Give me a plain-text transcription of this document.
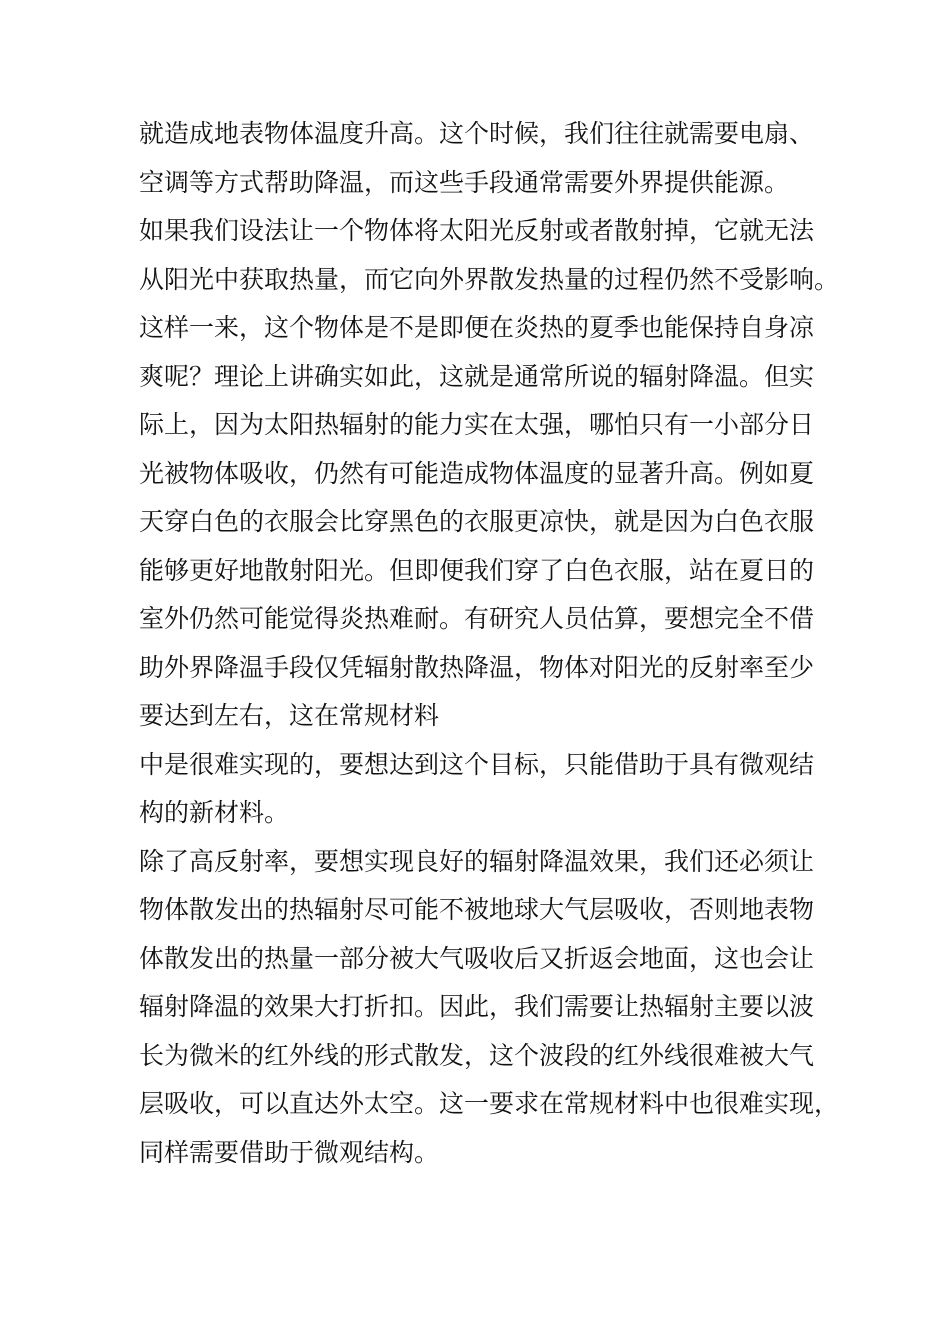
就造成地表物体温度升高。这个时候，我们往往就需要电扇、
空调等方式帮助降温，而这些手段通常需要外界提供能源。
如果我们设法让一个物体将太阳光反射或者散射掉，它就无法
从阳光中获取热量，而它向外界散发热量的过程仍然不受影响。
这样一来，这个物体是不是即便在炎热的夏季也能保持自身凉
爽呢？理论上讲确实如此，这就是通常所说的辐射降温。但实
际上，因为太阳热辐射的能力实在太强，哪怕只有一小部分日
光被物体吸收，仍然有可能造成物体温度的显著升高。例如夏
天穿白色的衣服会比穿黑色的衣服更凉快，就是因为白色衣服
能够更好地散射阳光。但即便我们穿了白色衣服，站在夏日的
室外仍然可能觉得炎热难耐。有研究人员估算，要想完全不借
助外界降温手段仅凭辐射散热降温，物体对阳光的反射率至少
要达到左右，这在常规材料
中是很难实现的，要想达到这个目标，只能借助于具有微观结
构的新材料。
除了高反射率，要想实现良好的辐射降温效果，我们还必须让
物体散发出的热辐射尽可能不被地球大气层吸收，否则地表物
体散发出的热量一部分被大气吸收后又折返会地面，这也会让
辐射降温的效果大打折扣。因此，我们需要让热辐射主要以波
长为微米的红外线的形式散发，这个波段的红外线很难被大气
层吸收，可以直达外太空。这一要求在常规材料中也很难实现，
同样需要借助于微观结构。
